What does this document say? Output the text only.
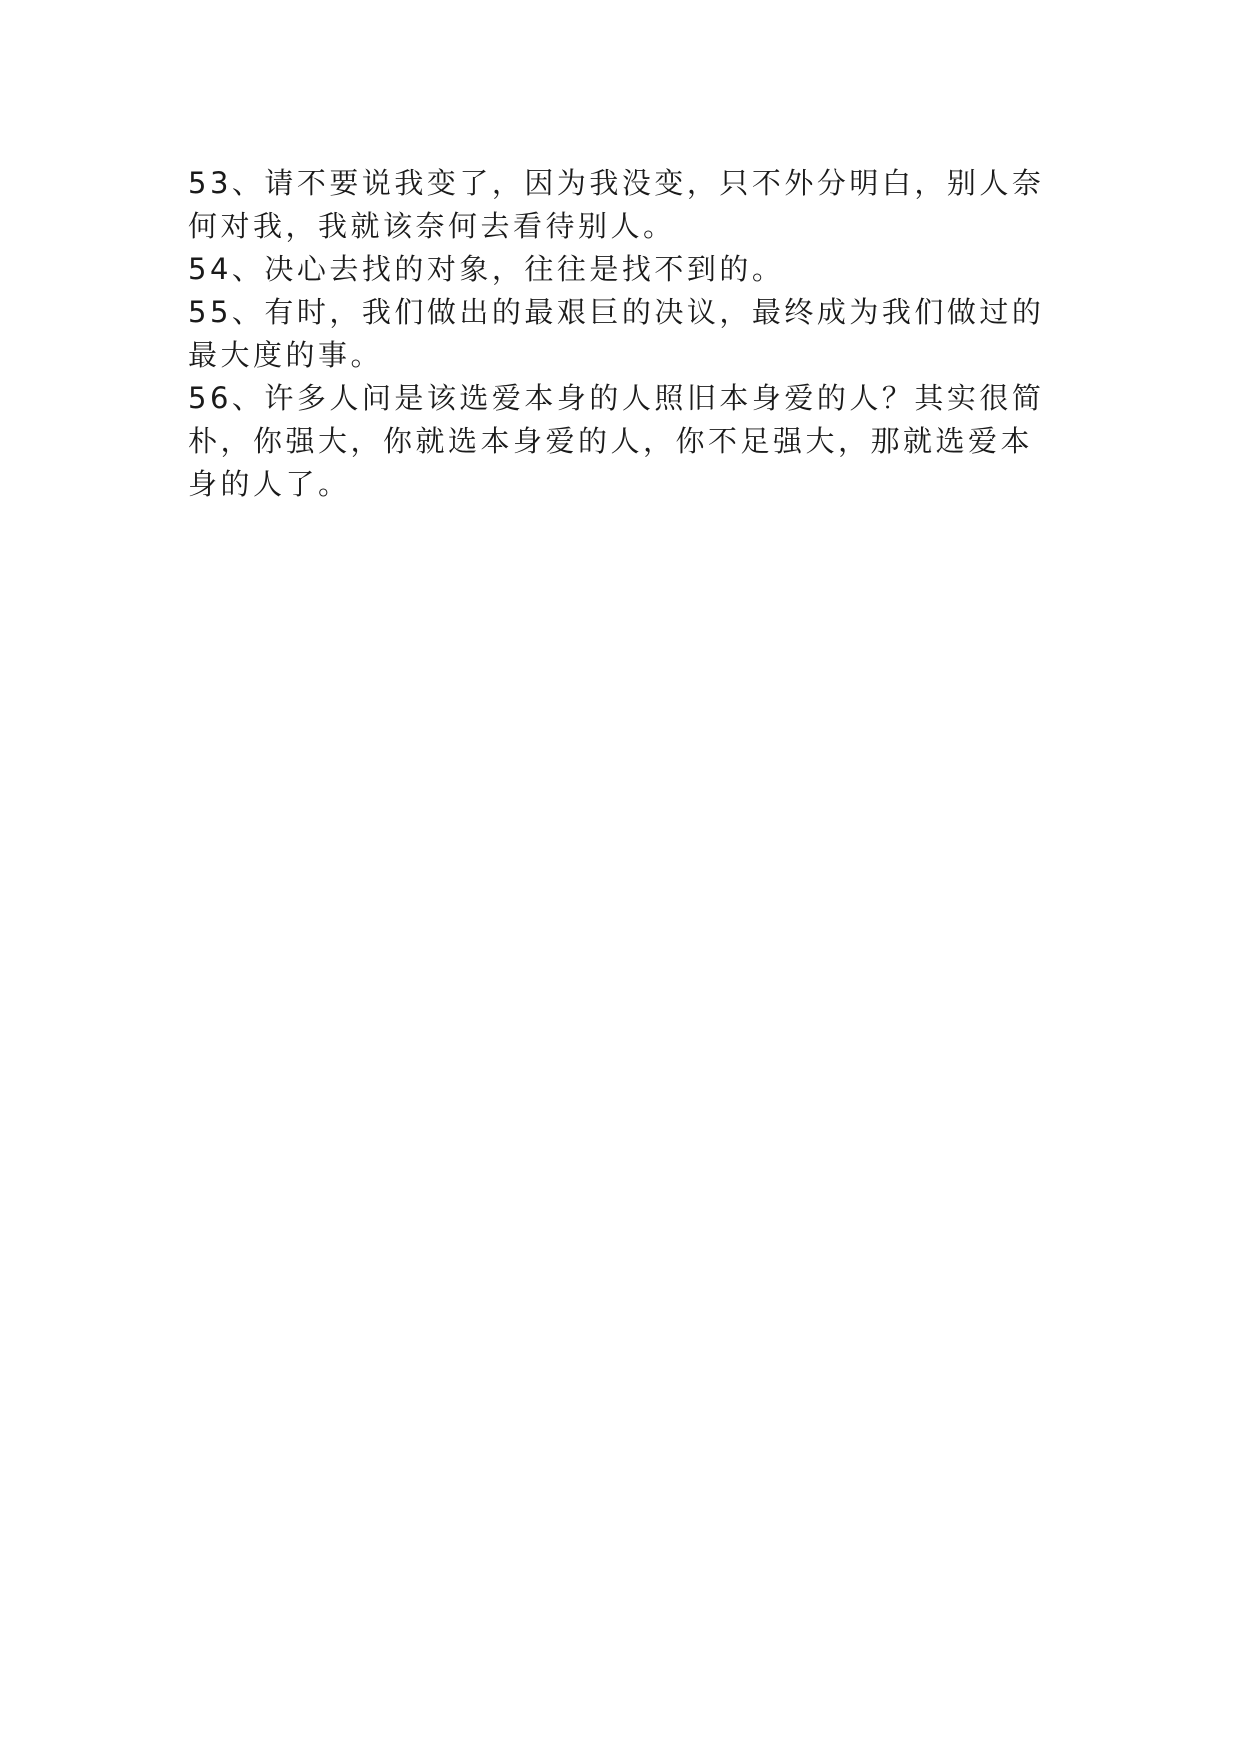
53、请不要说我变了，因为我没变，只不外分明白，别人奈何对我，我就该奈何去看待别人。

54、决心去找的对象，往往是找不到的。

55、有时，我们做出的最艰巨的决议，最终成为我们做过的最大度的事。

56、许多人问是该选爱本身的人照旧本身爱的人？其实很简朴，你强大，你就选本身爱的人，你不足强大，那就选爱本身的人了。
